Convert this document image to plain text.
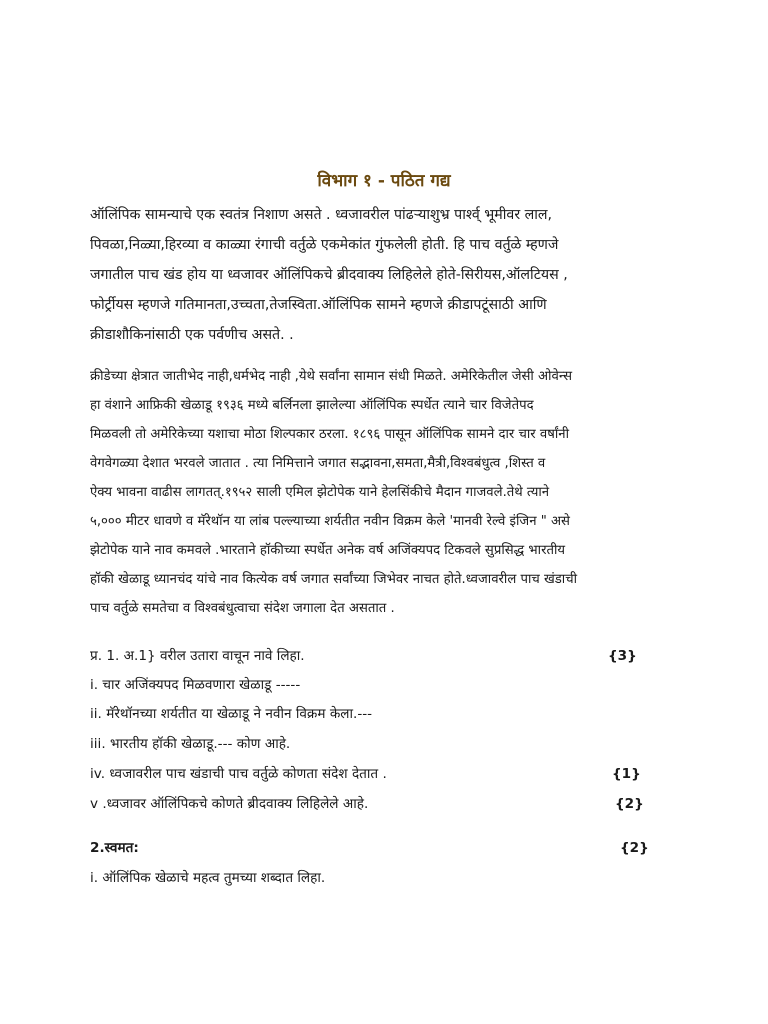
विभाग १ - पठित गद्य
ऑलिंपिक सामन्याचे एक स्वतंत्र निशाण असते . ध्वजावरील पांढऱ्याशुभ्र पार्श्व् भूमीवर लाल,
पिवळा,निळ्या,हिरव्या व काळ्या रंगाची वर्तुळे एकमेकांत गुंफलेली होती. हि पाच वर्तुळे म्हणजे
जगातील पाच खंड होय या ध्वजावर ऑलिंपिकचे ब्रीदवाक्य लिहिलेले होते-सिरीयस,ऑलटियस ,
फोर्ट्रीयस म्हणजे गतिमानता,उच्चता,तेजस्विता.ऑलिंपिक सामने म्हणजे क्रीडापटूंसाठी आणि
क्रीडाशौकिनांसाठी एक पर्वणीच असते. .
क्रीडेच्या क्षेत्रात जातीभेद नाही,धर्मभेद नाही ,येथे सर्वांना सामान संधी मिळते. अमेरिकेतील जेसी ओवेन्स
हा वंशाने आफ्रिकी खेळाडू १९३६ मध्ये बर्लिनला झालेल्या ऑलिंपिक स्पर्धेत त्याने चार विजेतेपद
मिळवली तो अमेरिकेच्या यशाचा मोठा शिल्पकार ठरला. १८९६ पासून ऑलिंपिक सामने दार चार वर्षांनी
वेगवेगळ्या देशात भरवले जातात . त्या निमित्ताने जगात सद्भावना,समता,मैत्री,विश्वबंधुत्व ,शिस्त व
ऐक्य भावना वाढीस लागतत्.१९५२ साली एमिल झेटोपेक याने हेलसिंकीचे मैदान गाजवले.तेथे त्याने
५,००० मीटर धावणे व मॅरेथॉन या लांब पल्ल्याच्या शर्यतीत नवीन विक्रम केले 'मानवी रेल्वे इंजिन " असे
झेटोपेक याने नाव कमवले .भारताने हॉकीच्या स्पर्धेत अनेक वर्ष अजिंक्यपद टिकवले सुप्रसिद्ध भारतीय
हॉकी खेळाडू ध्यानचंद यांचे नाव कित्येक वर्ष जगात सर्वांच्या जिभेवर नाचत होते.ध्वजावरील पाच खंडाची
पाच वर्तुळे समतेचा व विश्वबंधुत्वाचा संदेश जगाला देत असतात .
प्र. 1. अ.1} वरील उतारा वाचून नावे लिहा.	{3}
i. चार अजिंक्यपद मिळवणारा खेळाडू -----
ii. मॅरेथॉनच्या शर्यतीत या खेळाडू ने नवीन विक्रम केला.---
iii. भारतीय हॉकी खेळाडू.--- कोण आहे.
iv. ध्वजावरील पाच खंडाची पाच वर्तुळे कोणता संदेश देतात .	{1}
v .ध्वजावर ऑलिंपिकचे कोणते ब्रीदवाक्य लिहिलेले आहे.	{2}
2.स्वमत:	{2}
i. ऑलिंपिक खेळाचे महत्व तुमच्या शब्दात लिहा.
